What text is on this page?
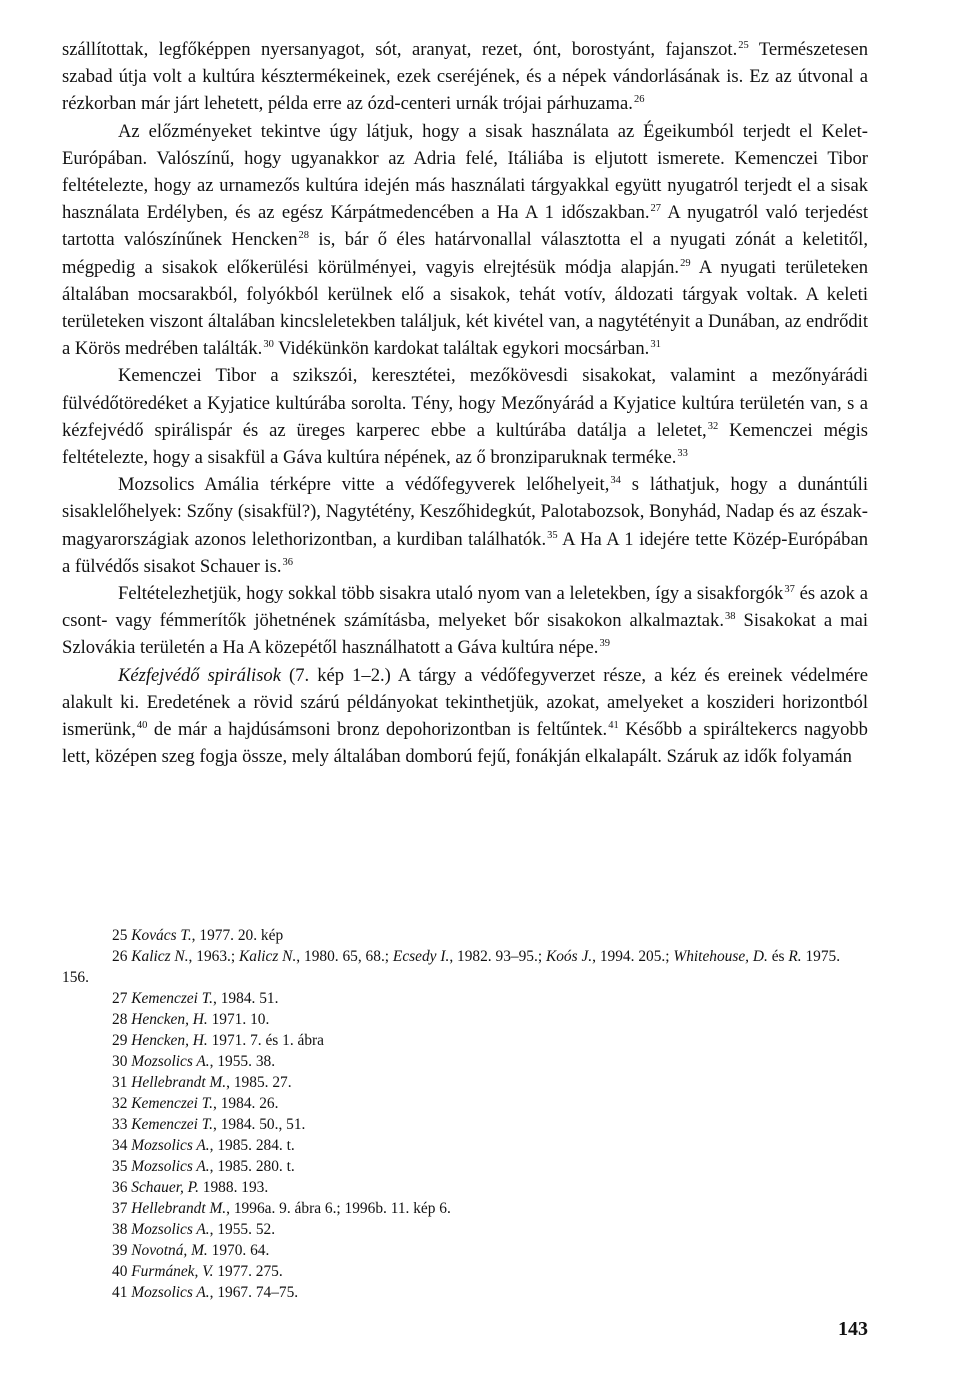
szállítottak, legfőképpen nyersanyagot, sót, aranyat, rezet, ónt, borostyánt, fajanszot.$^{25}$ Természetesen szabad útja volt a kultúra késztermékeinek, ezek cseréjének, és a népek vándorlásának is. Ez az útvonal a rézkorban már járt lehetett, példa erre az ózd-centeri urnák trójai párhuzama.$^{26}$

Az előzményeket tekintve úgy látjuk, hogy a sisak használata az Égeikumból terjedt el Kelet-Európában. Valószínű, hogy ugyanakkor az Adria felé, Itáliába is eljutott ismerete. Kemenczei Tibor feltételezte, hogy az urnamezős kultúra idején más használati tárgyakkal együtt nyugatról terjedt el a sisak használata Erdélyben, és az egész Kárpátmedencében a Ha A 1 időszakban.$^{27}$ A nyugatról való terjedést tartotta valószínűnek Hencken$^{28}$ is, bár ő éles határvonallal választotta el a nyugati zónát a keletitől, mégpedig a sisakok előkerülési körülményei, vagyis elrejtésük módja alapján.$^{29}$ A nyugati területeken általában mocsarakból, folyókból kerülnek elő a sisakok, tehát votív, áldozati tárgyak voltak. A keleti területeken viszont általában kincsleletekben találjuk, két kivétel van, a nagytétényit a Dunában, az endrődit a Körös medrében találták.$^{30}$ Vidékünkön kardokat találtak egykori mocsárban.$^{31}$

Kemenczei Tibor a szikszói, keresztétei, mezőkövesdi sisakokat, valamint a mezőnyárádi fülvédőtöredéket a Kyjatice kultúrába sorolta. Tény, hogy Mezőnyárád a Kyjatice kultúra területén van, s a kézfejvédő spirálispár és az üreges karperec ebbe a kultúrába datálja a leletet,$^{32}$ Kemenczei mégis feltételezte, hogy a sisakfül a Gáva kultúra népének, az ő bronziparuknak terméke.$^{33}$

Mozsolics Amália térképre vitte a védőfegyverek lelőhelyeit,$^{34}$ s láthatjuk, hogy a dunántúli sisaklelőhelyek: Szőny (sisakfül?), Nagytétény, Keszőhidegkút, Palotabozsok, Bonyhád, Nadap és az észak-magyarországiak azonos lelethorizontban, a kurdiban találhatók.$^{35}$ A Ha A 1 idejére tette Közép-Európában a fülvédős sisakot Schauer is.$^{36}$

Feltételezhetjük, hogy sokkal több sisakra utaló nyom van a leletekben, így a sisakforgók$^{37}$ és azok a csont- vagy fémmerítők jöhetnének számításba, melyeket bőr sisakokon alkalmaztak.$^{38}$ Sisakokat a mai Szlovákia területén a Ha A közepétől használhatott a Gáva kultúra népe.$^{39}$

Kézfejvédő spirálisok (7. kép 1–2.) A tárgy a védőfegyverzet része, a kéz és ereinek védelmére alakult ki. Eredetének a rövid szárú példányokat tekinthetjük, azokat, amelyeket a koszideri horizontból ismerünk,$^{40}$ de már a hajdúsámsoni bronz depohorizontban is feltűntek.$^{41}$ Később a spiráltekercs nagyobb lett, középen szeg fogja össze, mely általában domború fejű, fonákján elkalapált. Száruk az idők folyamán

25 Kovács T., 1977. 20. kép

26 Kalicz N., 1963.; Kalicz N., 1980. 65, 68.; Ecsedy I., 1982. 93–95.; Koós J., 1994. 205.; Whitehouse, D. és R. 1975. 156.

27 Kemenczei T., 1984. 51.

28 Hencken, H. 1971. 10.

29 Hencken, H. 1971. 7. és 1. ábra

30 Mozsolics A., 1955. 38.

31 Hellebrandt M., 1985. 27.

32 Kemenczei T., 1984. 26.

33 Kemenczei T., 1984. 50., 51.

34 Mozsolics A., 1985. 284. t.

35 Mozsolics A., 1985. 280. t.

36 Schauer, P. 1988. 193.

37 Hellebrandt M., 1996a. 9. ábra 6.; 1996b. 11. kép 6.

38 Mozsolics A., 1955. 52.

39 Novotná, M. 1970. 64.

40 Furmánek, V. 1977. 275.

41 Mozsolics A., 1967. 74–75.

143
